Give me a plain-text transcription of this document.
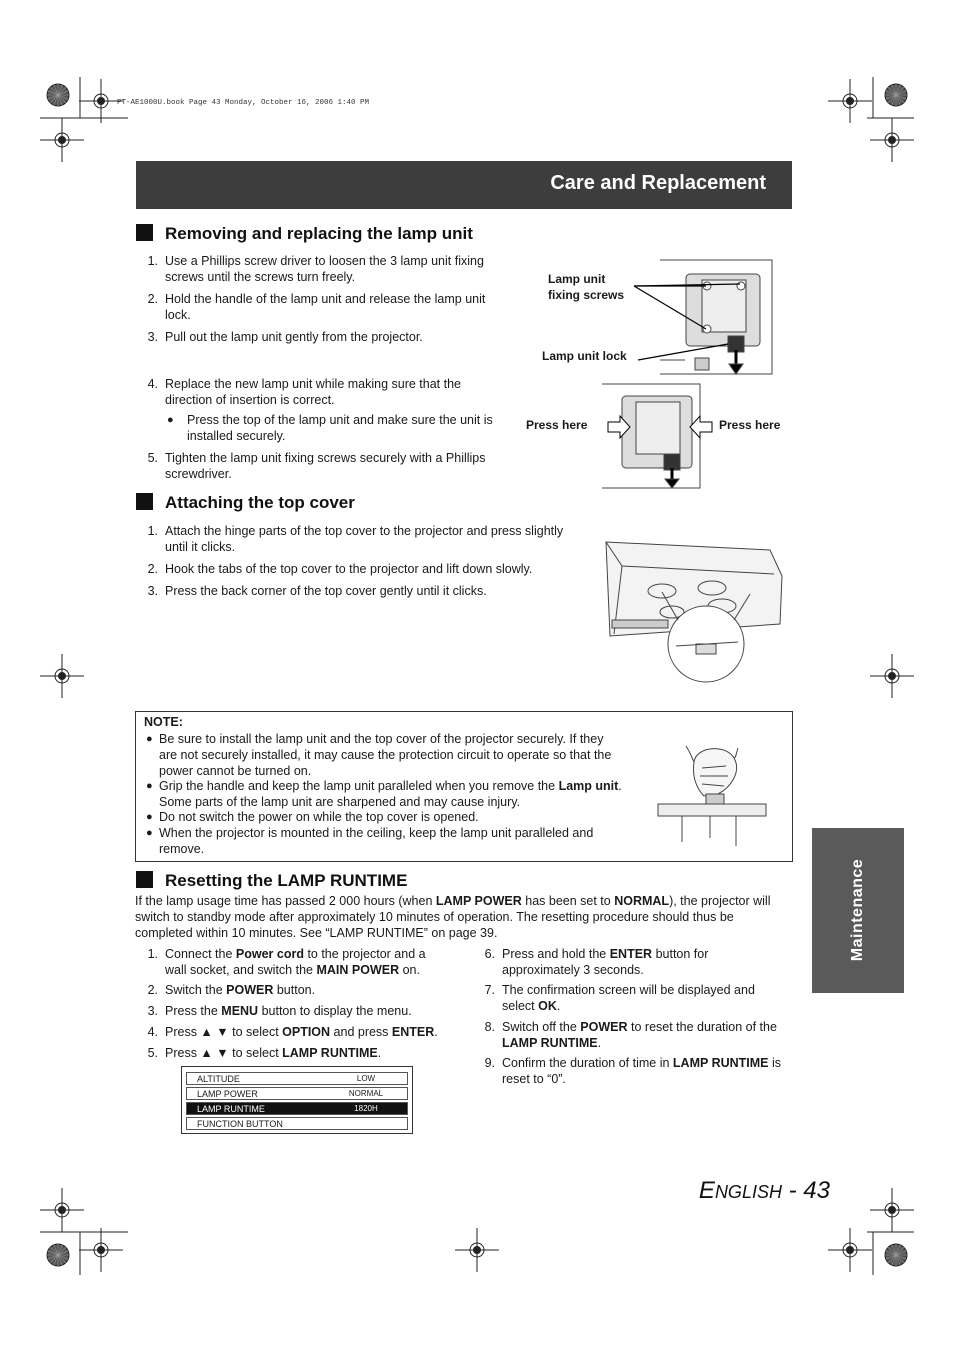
PT-AE1000U.book Page 43 Monday, October 16, 2006 1:40 PM
Care and Replacement
Removing and replacing the lamp unit
1. Use a Phillips screw driver to loosen the 3 lamp unit fixing
screws until the screws turn freely.
2. Hold the handle of the lamp unit and release the lamp unit
lock.
3. Pull out the lamp unit gently from the projector.
4. Replace the new lamp unit while making sure that the
direction of insertion is correct.
● Press the top of the lamp unit and make sure the unit is
installed securely.
5. Tighten the lamp unit fixing screws securely with a Phillips
screwdriver.
Lamp unit
fixing screws
Lamp unit lock
Press here	Press here
Attaching the top cover
1. Attach the hinge parts of the top cover to the projector and press slightly
until it clicks.
2. Hook the tabs of the top cover to the projector and lift down slowly.
3. Press the back corner of the top cover gently until it clicks.
NOTE:
● Be sure to install the lamp unit and the top cover of the projector securely. If they
are not securely installed, it may cause the protection circuit to operate so that the
power cannot be turned on.
● Grip the handle and keep the lamp unit paralleled when you remove the Lamp unit.
Some parts of the lamp unit are sharpened and may cause injury.
● Do not switch the power on while the top cover is opened.
● When the projector is mounted in the ceiling, keep the lamp unit paralleled and
remove.
Maintenance
Resetting the LAMP RUNTIME
If the lamp usage time has passed 2 000 hours (when LAMP POWER has been set to NORMAL), the projector will
switch to standby mode after approximately 10 minutes of operation. The resetting procedure should thus be
completed within 10 minutes. See “LAMP RUNTIME” on page 39.
1. Connect the Power cord to the projector and a
wall socket, and switch the MAIN POWER on.
2. Switch the POWER button.
3. Press the MENU button to display the menu.
4. Press ▲ ▼ to select OPTION and press ENTER.
5. Press ▲ ▼ to select LAMP RUNTIME.
6. Press and hold the ENTER button for
approximately 3 seconds.
7. The confirmation screen will be displayed and
select OK.
8. Switch off the POWER to reset the duration of the
LAMP RUNTIME.
9. Confirm the duration of time in LAMP RUNTIME is
reset to “0”.
ALTITUDE	LOW
LAMP POWER	NORMAL
LAMP RUNTIME	1820H
FUNCTION BUTTON
ENGLISH - 43
